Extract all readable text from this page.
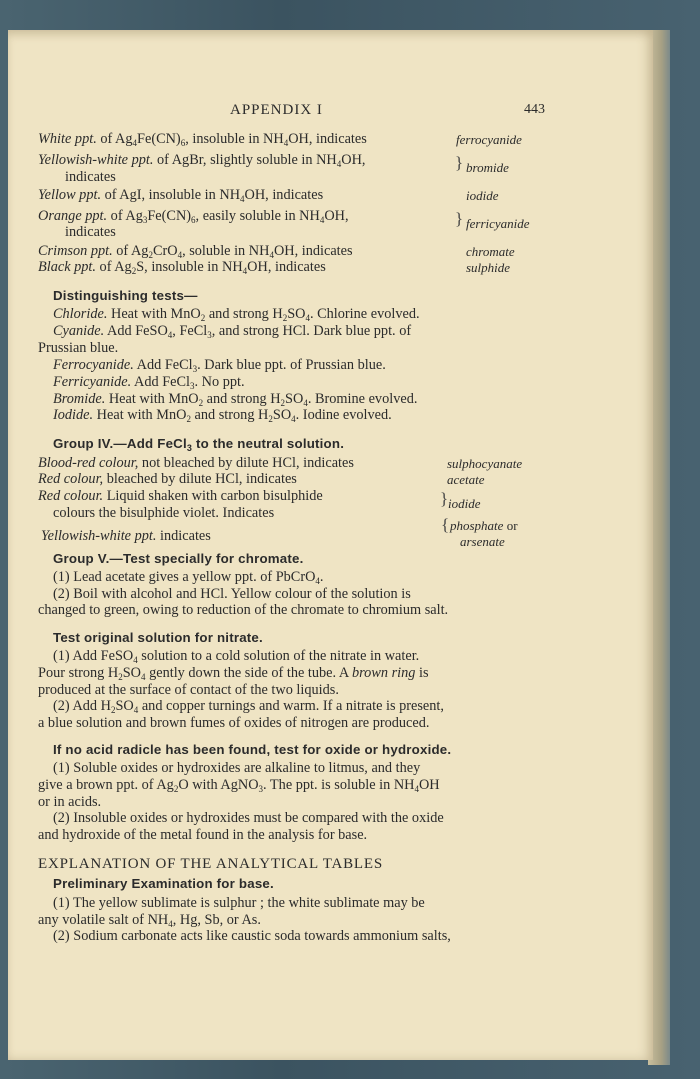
APPENDIX I	443
White ppt. of $Ag_4Fe(CN)_6$, insoluble in $NH_4OH$, indicates	ferrocyanide
Yellowish-white ppt. of AgBr, slightly soluble in $NH_4OH$,
indicates
} bromide
Yellow ppt. of AgI, insoluble in $NH_4OH$, indicates	iodide
Orange ppt. of $Ag_3Fe(CN)_6$, easily soluble in $NH_4OH$,
indicates
} ferricyanide
Crimson ppt. of $Ag_2CrO_4$, soluble in $NH_4OH$, indicates	chromate
Black ppt. of $Ag_2S$, insoluble in $NH_4OH$, indicates	sulphide
Distinguishing tests—
Chloride. Heat with MnO$_2$ and strong $H_2SO_4$. Chlorine evolved.
Cyanide. Add FeSO$_4$, FeCl$_3$, and strong HCl. Dark blue ppt. of
Prussian blue.
Ferrocyanide. Add FeCl$_3$. Dark blue ppt. of Prussian blue.
Ferricyanide. Add FeCl$_3$. No ppt.
Bromide. Heat with MnO$_2$ and strong $H_2SO_4$. Bromine evolved.
Iodide. Heat with MnO$_2$ and strong $H_2SO_4$. Iodine evolved.
Group IV.—Add FeCl$_3$ to the neutral solution.
Blood-red colour, not bleached by dilute HCl, indicates	sulphocyanate
Red colour, bleached by dilute HCl, indicates	acetate
Red colour. Liquid shaken with carbon bisulphide
colours the bisulphide violet. Indicates
} iodide
Yellowish-white ppt. indicates
{ phosphate or
arsenate
Group V.—Test specially for chromate.
(1) Lead acetate gives a yellow ppt. of PbCrO$_4$.
(2) Boil with alcohol and HCl. Yellow colour of the solution is
changed to green, owing to reduction of the chromate to chromium salt.
Test original solution for nitrate.
(1) Add FeSO$_4$ solution to a cold solution of the nitrate in water.
Pour strong $H_2SO_4$ gently down the side of the tube. A brown ring is
produced at the surface of contact of the two liquids.
(2) Add $H_2SO_4$ and copper turnings and warm. If a nitrate is present,
a blue solution and brown fumes of oxides of nitrogen are produced.
If no acid radicle has been found, test for oxide or hydroxide.
(1) Soluble oxides or hydroxides are alkaline to litmus, and they
give a brown ppt. of $Ag_2O$ with AgNO$_3$. The ppt. is soluble in $NH_4OH$
or in acids.
(2) Insoluble oxides or hydroxides must be compared with the oxide
and hydroxide of the metal found in the analysis for base.
EXPLANATION OF THE ANALYTICAL TABLES
Preliminary Examination for base.
(1) The yellow sublimate is sulphur ; the white sublimate may be
any volatile salt of $NH_4$, Hg, Sb, or As.
(2) Sodium carbonate acts like caustic soda towards ammonium salts,
